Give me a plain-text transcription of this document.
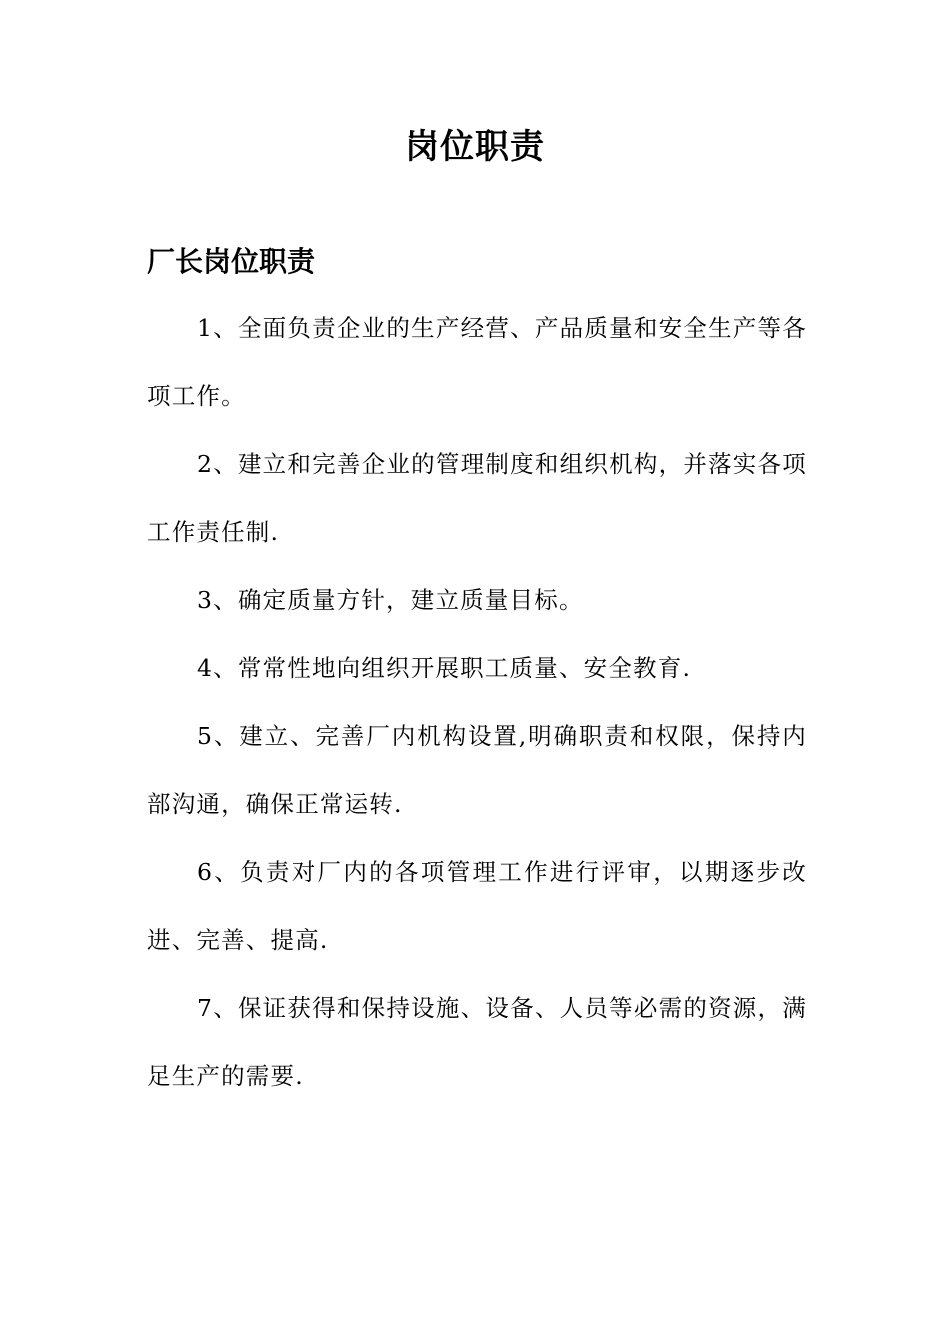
岗位职责
厂长岗位职责

1、全面负责企业的生产经营、产品质量和安全生产等各项工作。

2、建立和完善企业的管理制度和组织机构，并落实各项工作责任制.

3、确定质量方针，建立质量目标。

4、常常性地向组织开展职工质量、安全教育.

5、建立、完善厂内机构设置,明确职责和权限，保持内部沟通，确保正常运转.

6、负责对厂内的各项管理工作进行评审，以期逐步改进、完善、提高.

7、保证获得和保持设施、设备、人员等必需的资源，满足生产的需要.
